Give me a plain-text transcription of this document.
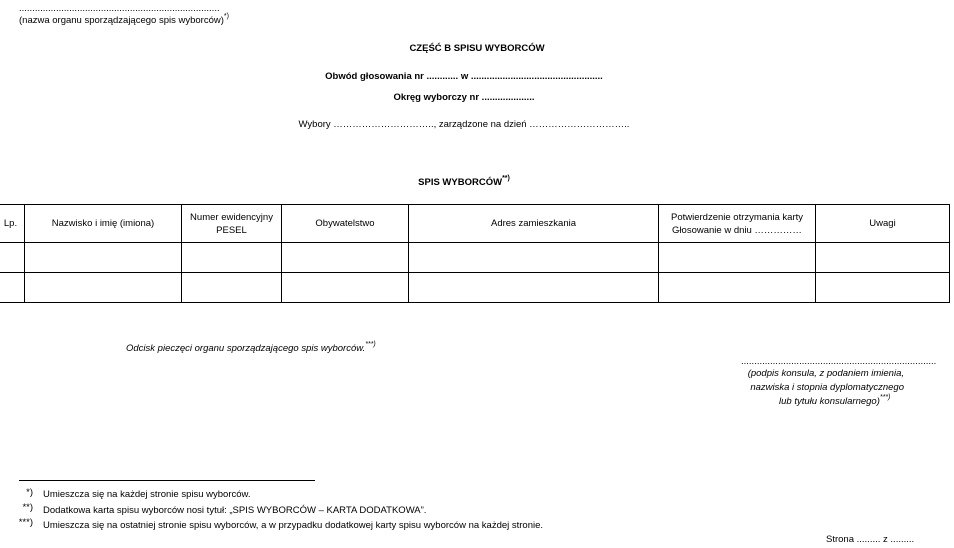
............................................................................
(nazwa organu sporządzającego spis wyborców)*)
CZĘŚĆ B SPISU WYBORCÓW
Obwód głosowania nr ............ w ..................................................
Okręg wyborczy nr ....................
Wybory ………………………….., zarządzone na dzień …………………………..
SPIS WYBORCÓW**)
Lp.	Nazwisko i imię (imiona)	Numer ewidencyjny PESEL	Obywatelstwo	Adres zamieszkania	Potwierdzenie otrzymania karty Głosowanie w dniu ……………	Uwagi

Odcisk pieczęci organu sporządzającego spis wyborców.***)
..........................................................................
(podpis konsula, z podaniem imienia,
nazwiska i stopnia dyplomatycznego
lub tytułu konsularnego)***)
*) Umieszcza się na każdej stronie spisu wyborców.
**) Dodatkowa karta spisu wyborców nosi tytuł: „SPIS WYBORCÓW – KARTA DODATKOWA”.
***) Umieszcza się na ostatniej stronie spisu wyborców, a w przypadku dodatkowej karty spisu wyborców na każdej stronie.
Strona ......... z .........
